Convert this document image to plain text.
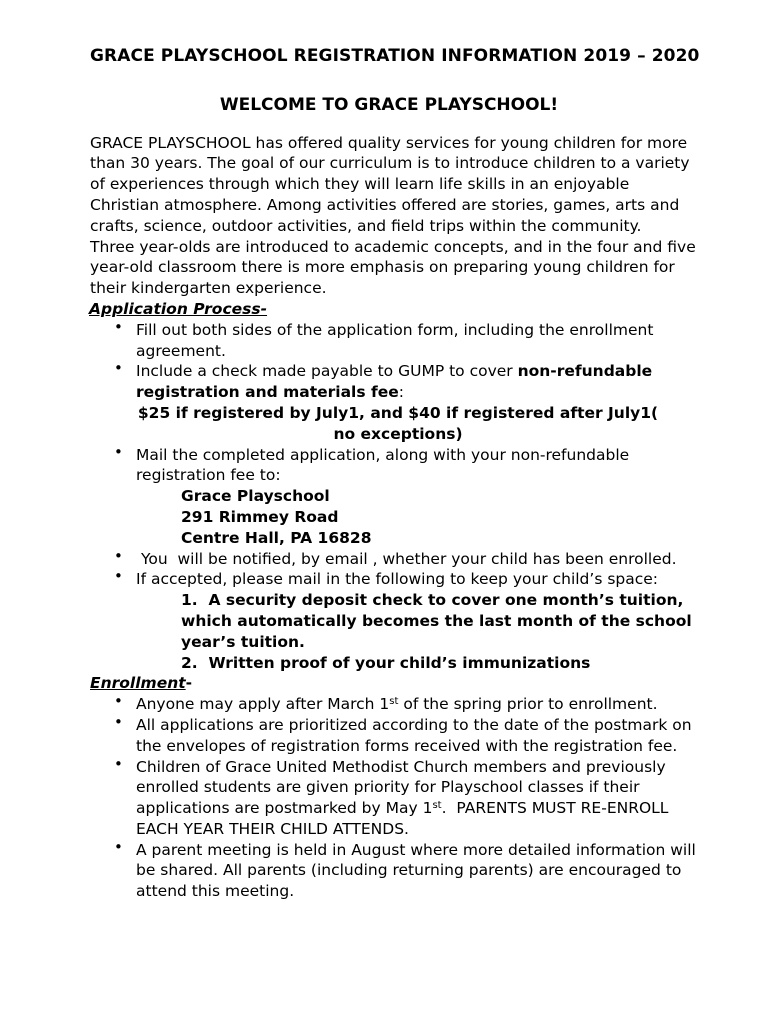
GRACE PLAYSCHOOL REGISTRATION INFORMATION 2019 – 2020
WELCOME TO GRACE PLAYSCHOOL!

GRACE PLAYSCHOOL has offered quality services for young children for more than 30 years. The goal of our curriculum is to introduce children to a variety of experiences through which they will learn life skills in an enjoyable Christian atmosphere. Among activities offered are stories, games, arts and crafts, science, outdoor activities, and field trips within the community.

Three year-olds are introduced to academic concepts, and in the four and five year-old classroom there is more emphasis on preparing young children for their kindergarten experience.

Application Process-
• Fill out both sides of the application form, including the enrollment agreement.
• Include a check made payable to GUMP to cover non-refundable registration and materials fee:
$25 if registered by July1, and $40 if registered after July1( no exceptions)
• Mail the completed application, along with your non-refundable registration fee to:
Grace Playschool
291 Rimmey Road
Centre Hall, PA 16828
• You  will be notified, by email , whether your child has been enrolled.
• If accepted, please mail in the following to keep your child’s space:
1.  A security deposit check to cover one month’s tuition, which automatically becomes the last month of the school year’s tuition.
2.  Written proof of your child’s immunizations
Enrollment-
• Anyone may apply after March 1st of the spring prior to enrollment.
• All applications are prioritized according to the date of the postmark on the envelopes of registration forms received with the registration fee.
• Children of Grace United Methodist Church members and previously enrolled students are given priority for Playschool classes if their applications are postmarked by May 1st.  PARENTS MUST RE-ENROLL EACH YEAR THEIR CHILD ATTENDS.
• A parent meeting is held in August where more detailed information will be shared. All parents (including returning parents) are encouraged to attend this meeting.
